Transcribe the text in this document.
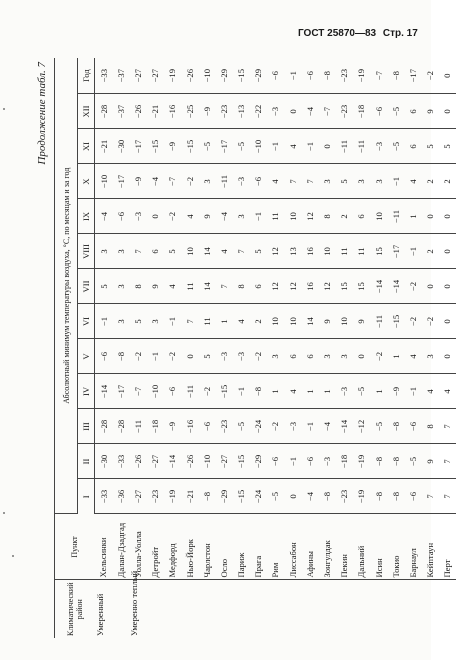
ГОСТ 25870—83 Стр. 17
Продолжение табл. 7
Климатический район	Пункт	Абсолютный минимум температуры воздуха, °С, по месяцам и за год												
		I	II	III	IV	V	VI	VII	VIII	IX	X	XI	XII	Год
Умеренный	Хельсинки	−33	−30	−28	−14	−6	−1	5	3	−4	−10	−21	−28	−33
	Далан-Дзадгад	−36	−33	−28	−17	−8	3	3	3	−6	−17	−30	−37	−37
Умеренно теплый	Уолла-Уолла	−27	−26	−11	−7	−2	5	8	7	−3	−9	−17	−26	−27
	Детройт	−23	−27	−18	−10	−1	3	9	6	0	−4	−15	−21	−27
	Медфорд	−19	−14	−9	−6	−2	−1	4	5	−2	−7	−9	−16	−19
	Нью-Йорк	−21	−26	−16	−11	0	7	11	10	4	−2	−15	−25	−26
	Чарлстон	−8	−10	−6	−2	5	11	14	14	9	3	−5	−9	−10
	Осло	−29	−27	−23	−15	−3	1	7	4	−4	−11	−17	−23	−29
	Париж	−15	−15	−5	−1	−3	4	8	7	3	−3	−5	−13	−15
	Прага	−24	−29	−24	−8	−2	2	6	5	−1	−6	−10	−22	−29
	Рим	−5	−6	−2	1	3	10	12	12	11	4	−1	−3	−6
	Лиссабон	0	−1	−3	4	6	10	12	13	10	7	4	0	−1
	Афины	−4	−6	−1	1	6	14	16	16	12	7	−1	−4	−6
	Зонгулдак	−8	−3	−4	1	3	9	12	10	8	3	0	−7	−8
	Пекин	−23	−18	−14	−3	3	10	15	11	2	5	−11	−23	−23
	Дальний	−19	−19	−12	−5	0	9	15	11	6	3	−11	−18	−19
	Исин	−8	−8	−5	1	−2	−11	−14	15	10	3	−3	−6	−7
	Токио	−8	−8	−8	−9	1	−15	−14	−17	−11	−1	−5	−5	−8
	Барнаул	−6	−5	−6	−1	4	−2	−2	−1	1	4	6	6	−17
	Кейптаун	7	9	8	4	3	−2	0	2	0	2	5	9	−2
	Перт	7	7	7	4	0	0	0	0	0	2	5	0	0
